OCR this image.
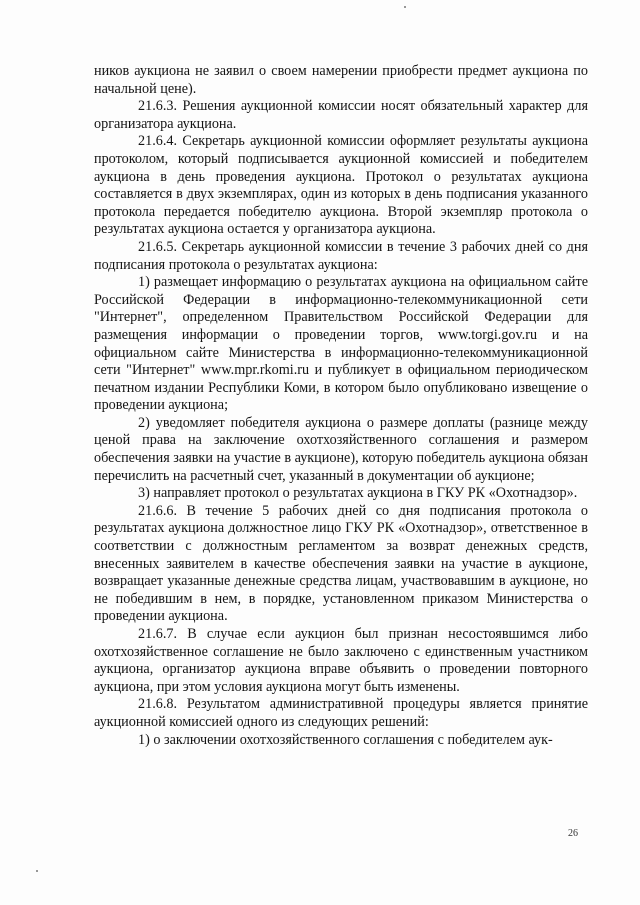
ников аукциона не заявил о своем намерении приобрести предмет аукциона по начальной цене).

21.6.3. Решения аукционной комиссии носят обязательный характер для организатора аукциона.

21.6.4. Секретарь аукционной комиссии оформляет результаты аукциона протоколом, который подписывается аукционной комиссией и победителем аукциона в день проведения аукциона. Протокол о результатах аукциона составляется в двух экземплярах, один из которых в день подписания указанного протокола передается победителю аукциона. Второй экземпляр протокола о результатах аукциона остается у организатора аукциона.

21.6.5. Секретарь аукционной комиссии в течение 3 рабочих дней со дня подписания протокола о результатах аукциона:

1) размещает информацию о результатах аукциона на официальном сайте Российской Федерации в информационно-телекоммуникационной сети "Интернет", определенном Правительством Российской Федерации для размещения информации о проведении торгов, www.torgi.gov.ru и на официальном сайте Министерства в информационно-телекоммуникационной сети "Интернет" www.mpr.rkomi.ru и публикует в официальном периодическом печатном издании Республики Коми, в котором было опубликовано извещение о проведении аукциона;

2) уведомляет победителя аукциона о размере доплаты (разнице между ценой права на заключение охотхозяйственного соглашения и размером обеспечения заявки на участие в аукционе), которую победитель аукциона обязан перечислить на расчетный счет, указанный в документации об аукционе;

3) направляет протокол о результатах аукциона в ГКУ РК «Охотнадзор».

21.6.6. В течение 5 рабочих дней со дня подписания протокола о результатах аукциона должностное лицо ГКУ РК «Охотнадзор», ответственное в соответствии с должностным регламентом за возврат денежных средств, внесенных заявителем в качестве обеспечения заявки на участие в аукционе, возвращает указанные денежные средства лицам, участвовавшим в аукционе, но не победившим в нем, в порядке, установленном приказом Министерства о проведении аукциона.

21.6.7. В случае если аукцион был признан несостоявшимся либо охотхозяйственное соглашение не было заключено с единственным участником аукциона, организатор аукциона вправе объявить о проведении повторного аукциона, при этом условия аукциона могут быть изменены.

21.6.8. Результатом административной процедуры является принятие аукционной комиссией одного из следующих решений:

1) о заключении охотхозяйственного соглашения с победителем аук-

26
